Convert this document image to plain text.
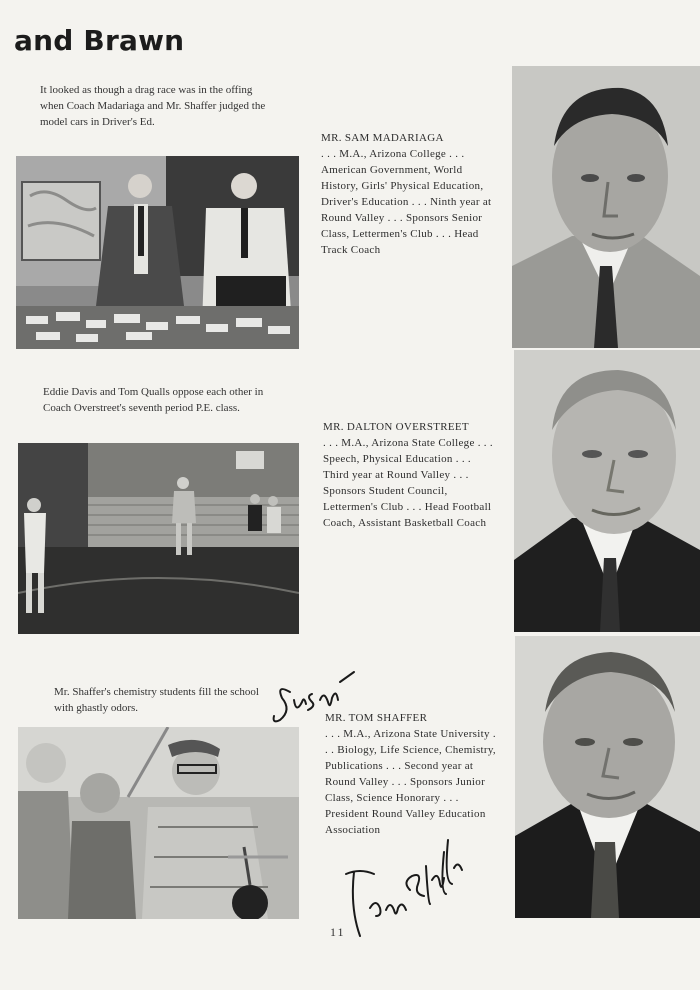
and Brawn
It looked as though a drag race was in the offing when Coach Madariaga and Mr. Shaffer judged the model cars in Driver's Ed.
MR. SAM MADARIAGA
. . . M.A., Arizona College . . . American Government, World History, Girls' Physical Education, Driver's Education . . . Ninth year at Round Valley . . . Sponsors Senior Class, Lettermen's Club . . . Head Track Coach
Eddie Davis and Tom Qualls oppose each other in Coach Overstreet's seventh period P.E. class.
MR. DALTON OVERSTREET
. . . M.A., Arizona State College . . . Speech, Physical Education . . . Third year at Round Valley . . . Sponsors Student Council, Lettermen's Club . . . Head Football Coach, Assistant Basketball Coach
Mr. Shaffer's chemistry students fill the school with ghastly odors.
MR. TOM SHAFFER
. . . M.A., Arizona State University . . . Biology, Life Science, Chemistry, Publications . . . Second year at Round Valley . . . Sponsors Junior Class, Science Honorary . . . President Round Valley Education Association
11
